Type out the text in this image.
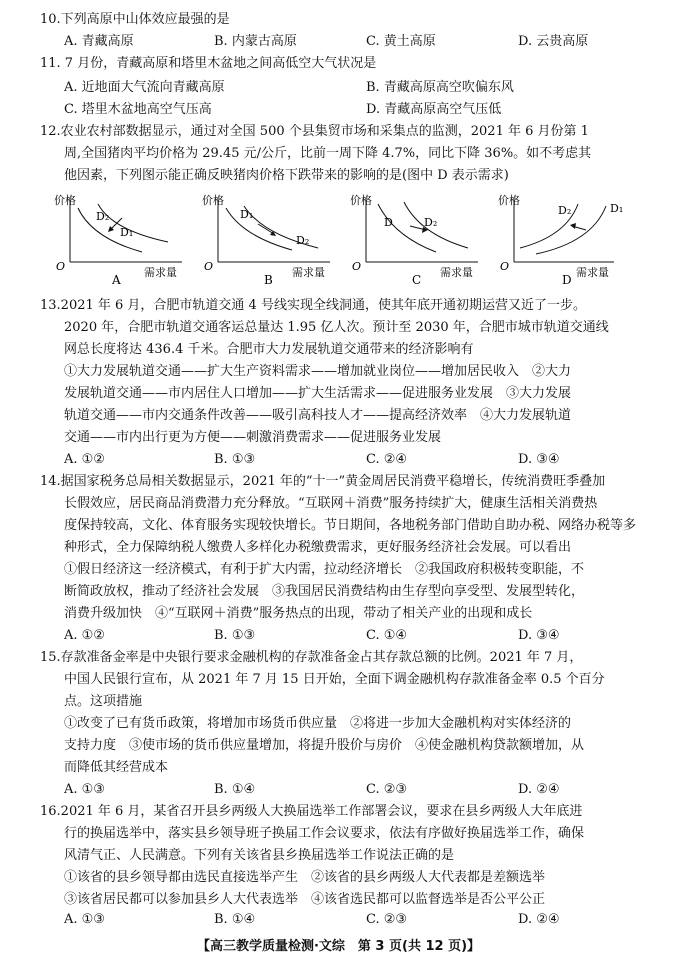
10.下列高原中山体效应最强的是
A. 青藏高原	B. 内蒙古高原	C. 黄土高原	D. 云贵高原
11. 7 月份，青藏高原和塔里木盆地之间高低空大气状况是
A. 近地面大气流向青藏高原	B. 青藏高原高空吹偏东风
C. 塔里木盆地高空气压高	D. 青藏高原高空气压低
12.农业农村部数据显示，通过对全国 500 个县集贸市场和采集点的监测，2021 年 6 月份第 1
周,全国猪肉平均价格为 29.45 元/公斤，比前一周下降 4.7%，同比下降 36%。如不考虑其
他因素，下列图示能正确反映猪肉价格下跌带来的影响的是(图中 D 表示需求)
价格
O	需求量
D₂
D₁
A
价格
O	需求量
D₁
D₂
B
价格
O	需求量
D	D₂
C
价格
O	需求量
D₂	D₁
D
13.2021 年 6 月，合肥市轨道交通 4 号线实现全线洞通，使其年底开通初期运营又近了一步。
2020 年，合肥市轨道交通客运总量达 1.95 亿人次。预计至 2030 年，合肥市城市轨道交通线
网总长度将达 436.4 千米。合肥市大力发展轨道交通带来的经济影响有
①大力发展轨道交通——扩大生产资料需求——增加就业岗位——增加居民收入　②大力
发展轨道交通——市内居住人口增加——扩大生活需求——促进服务业发展　③大力发展
轨道交通——市内交通条件改善——吸引高科技人才——提高经济效率　④大力发展轨道
交通——市内出行更为方便——刺激消费需求——促进服务业发展
A. ①②	B. ①③	C. ②④	D. ③④
14.据国家税务总局相关数据显示，2021 年的“十一”黄金周居民消费平稳增长，传统消费旺季叠加
长假效应，居民商品消费潜力充分释放。“互联网＋消费”服务持续扩大，健康生活相关消费热
度保持较高，文化、体育服务实现较快增长。节日期间，各地税务部门借助自助办税、网络办税等多
种形式，全力保障纳税人缴费人多样化办税缴费需求，更好服务经济社会发展。可以看出
①假日经济这一经济模式，有利于扩大内需，拉动经济增长　②我国政府积极转变职能，不
断简政放权，推动了经济社会发展　③我国居民消费结构由生存型向享受型、发展型转化，
消费升级加快　④“互联网＋消费”服务热点的出现，带动了相关产业的出现和成长
A. ①②	B. ①③	C. ①④	D. ③④
15.存款准备金率是中央银行要求金融机构的存款准备金占其存款总额的比例。2021 年 7 月，
中国人民银行宣布，从 2021 年 7 月 15 日开始，全面下调金融机构存款准备金率 0.5 个百分
点。这项措施
①改变了已有货币政策，将增加市场货币供应量　②将进一步加大金融机构对实体经济的
支持力度　③使市场的货币供应量增加，将提升股价与房价　④使金融机构贷款额增加，从
而降低其经营成本
A. ①③	B. ①④	C. ②③	D. ②④
16.2021 年 6 月，某省召开县乡两级人大换届选举工作部署会议，要求在县乡两级人大年底进
行的换届选举中，落实县乡领导班子换届工作会议要求，依法有序做好换届选举工作，确保
风清气正、人民满意。下列有关该省县乡换届选举工作说法正确的是
①该省的县乡领导都由选民直接选举产生　②该省的县乡两级人大代表都是差额选举
③该省居民都可以参加县乡人大代表选举　④该省选民都可以监督选举是否公平公正
A. ①③	B. ①④	C. ②③	D. ②④
【高三教学质量检测·文综　第 3 页(共 12 页)】
